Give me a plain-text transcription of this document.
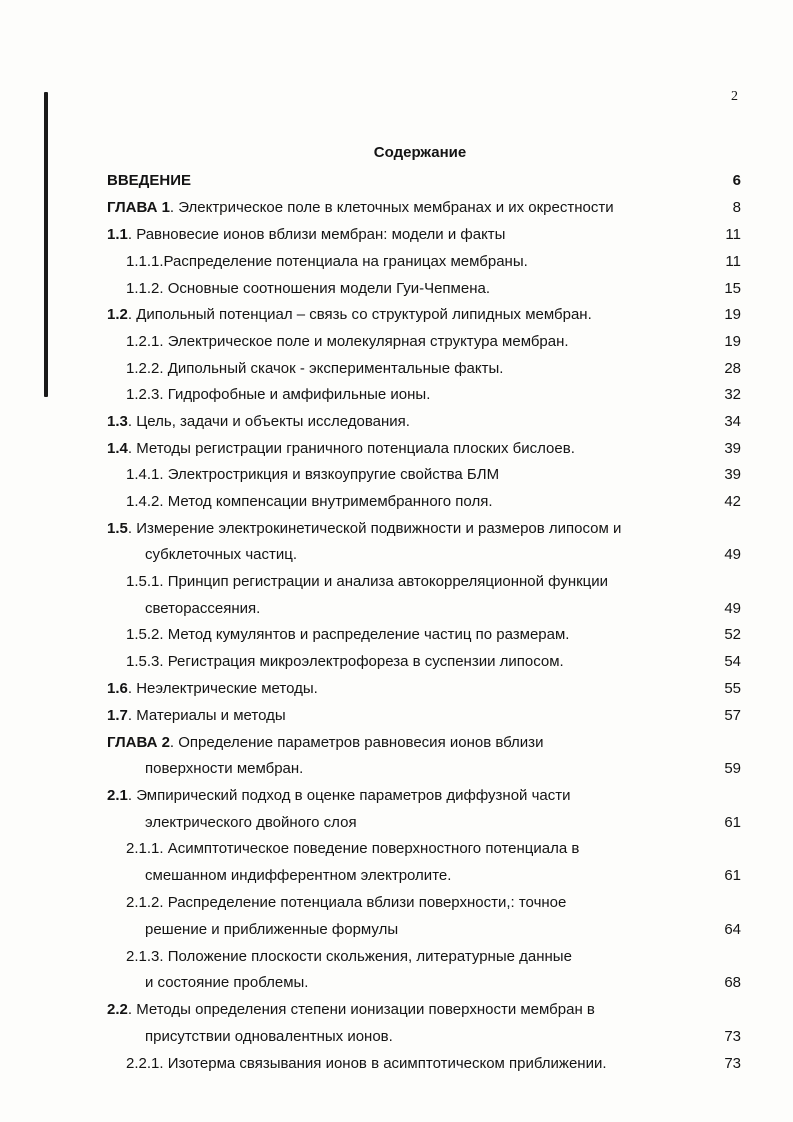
2
Содержание
ВВЕДЕНИЕ	6
ГЛАВА 1. Электрическое поле в клеточных мембранах и их окрестности	8
1.1. Равновесие ионов вблизи мембран: модели и факты	11
1.1.1.Распределение потенциала на границах мембраны.	11
1.1.2. Основные соотношения модели Гуи-Чепмена.	15
1.2. Дипольный потенциал – связь со структурой липидных мембран.	19
1.2.1. Электрическое поле и молекулярная структура мембран.	19
1.2.2. Дипольный скачок - экспериментальные факты.	28
1.2.3. Гидрофобные и амфифильные ионы.	32
1.3. Цель, задачи и объекты исследования.	34
1.4. Методы регистрации граничного потенциала плоских бислоев.	39
1.4.1. Электрострикция и вязкоупругие свойства БЛМ	39
1.4.2. Метод компенсации внутримембранного поля.	42
1.5. Измерение электрокинетической подвижности и размеров липосом и
субклеточных частиц.	49
1.5.1. Принцип регистрации и анализа автокорреляционной функции
светорассеяния.	49
1.5.2. Метод кумулянтов и распределение частиц по размерам.	52
1.5.3. Регистрация микроэлектрофореза в суспензии липосом.	54
1.6. Неэлектрические методы.	55
1.7. Материалы и методы	57
ГЛАВА 2. Определение параметров равновесия ионов вблизи
поверхности мембран.	59
2.1. Эмпирический подход в оценке параметров диффузной части
электрического двойного слоя	61
2.1.1. Асимптотическое поведение поверхностного потенциала в
смешанном индифферентном электролите.	61
2.1.2. Распределение потенциала вблизи поверхности,: точное
решение и приближенные формулы	64
2.1.3. Положение плоскости скольжения, литературные данные
и состояние проблемы.	68
2.2. Методы определения степени ионизации поверхности мембран в
присутствии одновалентных ионов.	73
2.2.1. Изотерма связывания ионов в асимптотическом приближении.	73
